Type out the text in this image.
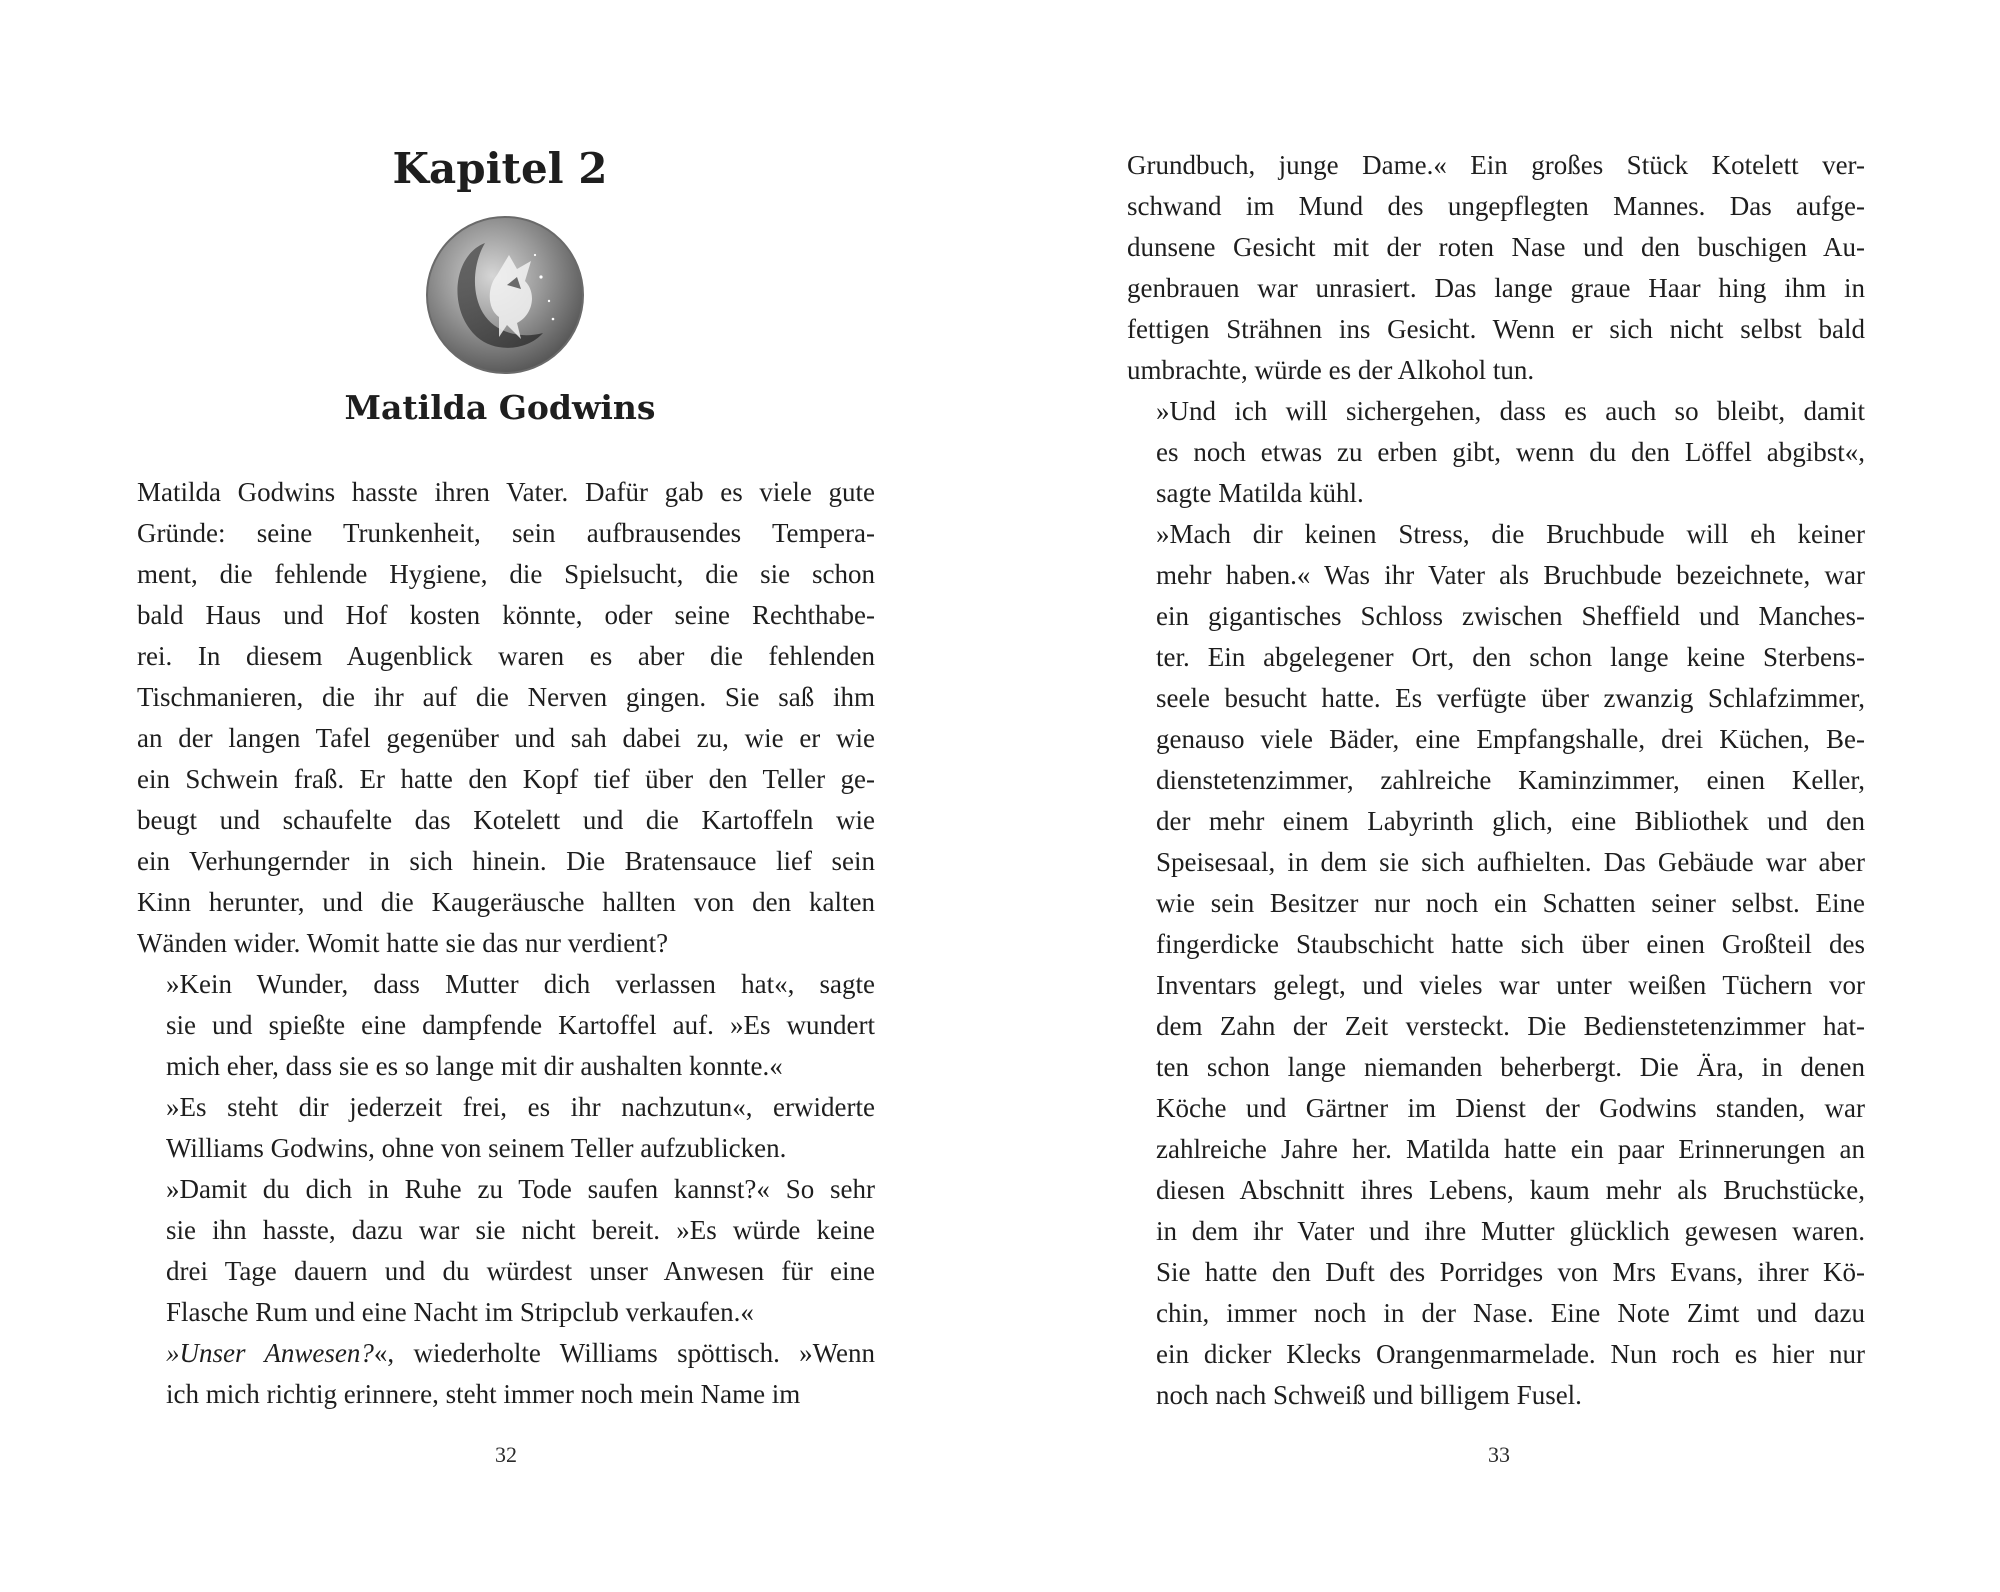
Kapitel 2
Matilda Godwins

Matilda Godwins hasste ihren Vater. Dafür gab es viele gute
Gründe: seine Trunkenheit, sein aufbrausendes Tempera-
ment, die fehlende Hygiene, die Spielsucht, die sie schon
bald Haus und Hof kosten könnte, oder seine Rechthabe-
rei. In diesem Augenblick waren es aber die fehlenden
Tischmanieren, die ihr auf die Nerven gingen. Sie saß ihm
an der langen Tafel gegenüber und sah dabei zu, wie er wie
ein Schwein fraß. Er hatte den Kopf tief über den Teller ge-
beugt und schaufelte das Kotelett und die Kartoffeln wie
ein Verhungernder in sich hinein. Die Bratensauce lief sein
Kinn herunter, und die Kaugeräusche hallten von den kalten
Wänden wider. Womit hatte sie das nur verdient?

»Kein Wunder, dass Mutter dich verlassen hat«, sagte
sie und spießte eine dampfende Kartoffel auf. »Es wundert
mich eher, dass sie es so lange mit dir aushalten konnte.«

»Es steht dir jederzeit frei, es ihr nachzutun«, erwiderte
Williams Godwins, ohne von seinem Teller aufzublicken.

»Damit du dich in Ruhe zu Tode saufen kannst?« So sehr
sie ihn hasste, dazu war sie nicht bereit. »Es würde keine
drei Tage dauern und du würdest unser Anwesen für eine
Flasche Rum und eine Nacht im Stripclub verkaufen.«

»Unser Anwesen?«, wiederholte Williams spöttisch. »Wenn
ich mich richtig erinnere, steht immer noch mein Name im

32

Grundbuch, junge Dame.« Ein großes Stück Kotelett ver-
schwand im Mund des ungepflegten Mannes. Das aufge-
dunsene Gesicht mit der roten Nase und den buschigen Au-
genbrauen war unrasiert. Das lange graue Haar hing ihm in
fettigen Strähnen ins Gesicht. Wenn er sich nicht selbst bald
umbrachte, würde es der Alkohol tun.

»Und ich will sichergehen, dass es auch so bleibt, damit
es noch etwas zu erben gibt, wenn du den Löffel abgibst«,
sagte Matilda kühl.

»Mach dir keinen Stress, die Bruchbude will eh keiner
mehr haben.« Was ihr Vater als Bruchbude bezeichnete, war
ein gigantisches Schloss zwischen Sheffield und Manches-
ter. Ein abgelegener Ort, den schon lange keine Sterbens-
seele besucht hatte. Es verfügte über zwanzig Schlafzimmer,
genauso viele Bäder, eine Empfangshalle, drei Küchen, Be-
dienstetenzimmer, zahlreiche Kaminzimmer, einen Keller,
der mehr einem Labyrinth glich, eine Bibliothek und den
Speisesaal, in dem sie sich aufhielten. Das Gebäude war aber
wie sein Besitzer nur noch ein Schatten seiner selbst. Eine
fingerdicke Staubschicht hatte sich über einen Großteil des
Inventars gelegt, und vieles war unter weißen Tüchern vor
dem Zahn der Zeit versteckt. Die Bedienstetenzimmer hat-
ten schon lange niemanden beherbergt. Die Ära, in denen
Köche und Gärtner im Dienst der Godwins standen, war
zahlreiche Jahre her. Matilda hatte ein paar Erinnerungen an
diesen Abschnitt ihres Lebens, kaum mehr als Bruchstücke,
in dem ihr Vater und ihre Mutter glücklich gewesen waren.
Sie hatte den Duft des Porridges von Mrs Evans, ihrer Kö-
chin, immer noch in der Nase. Eine Note Zimt und dazu
ein dicker Klecks Orangenmarmelade. Nun roch es hier nur
noch nach Schweiß und billigem Fusel.

33
